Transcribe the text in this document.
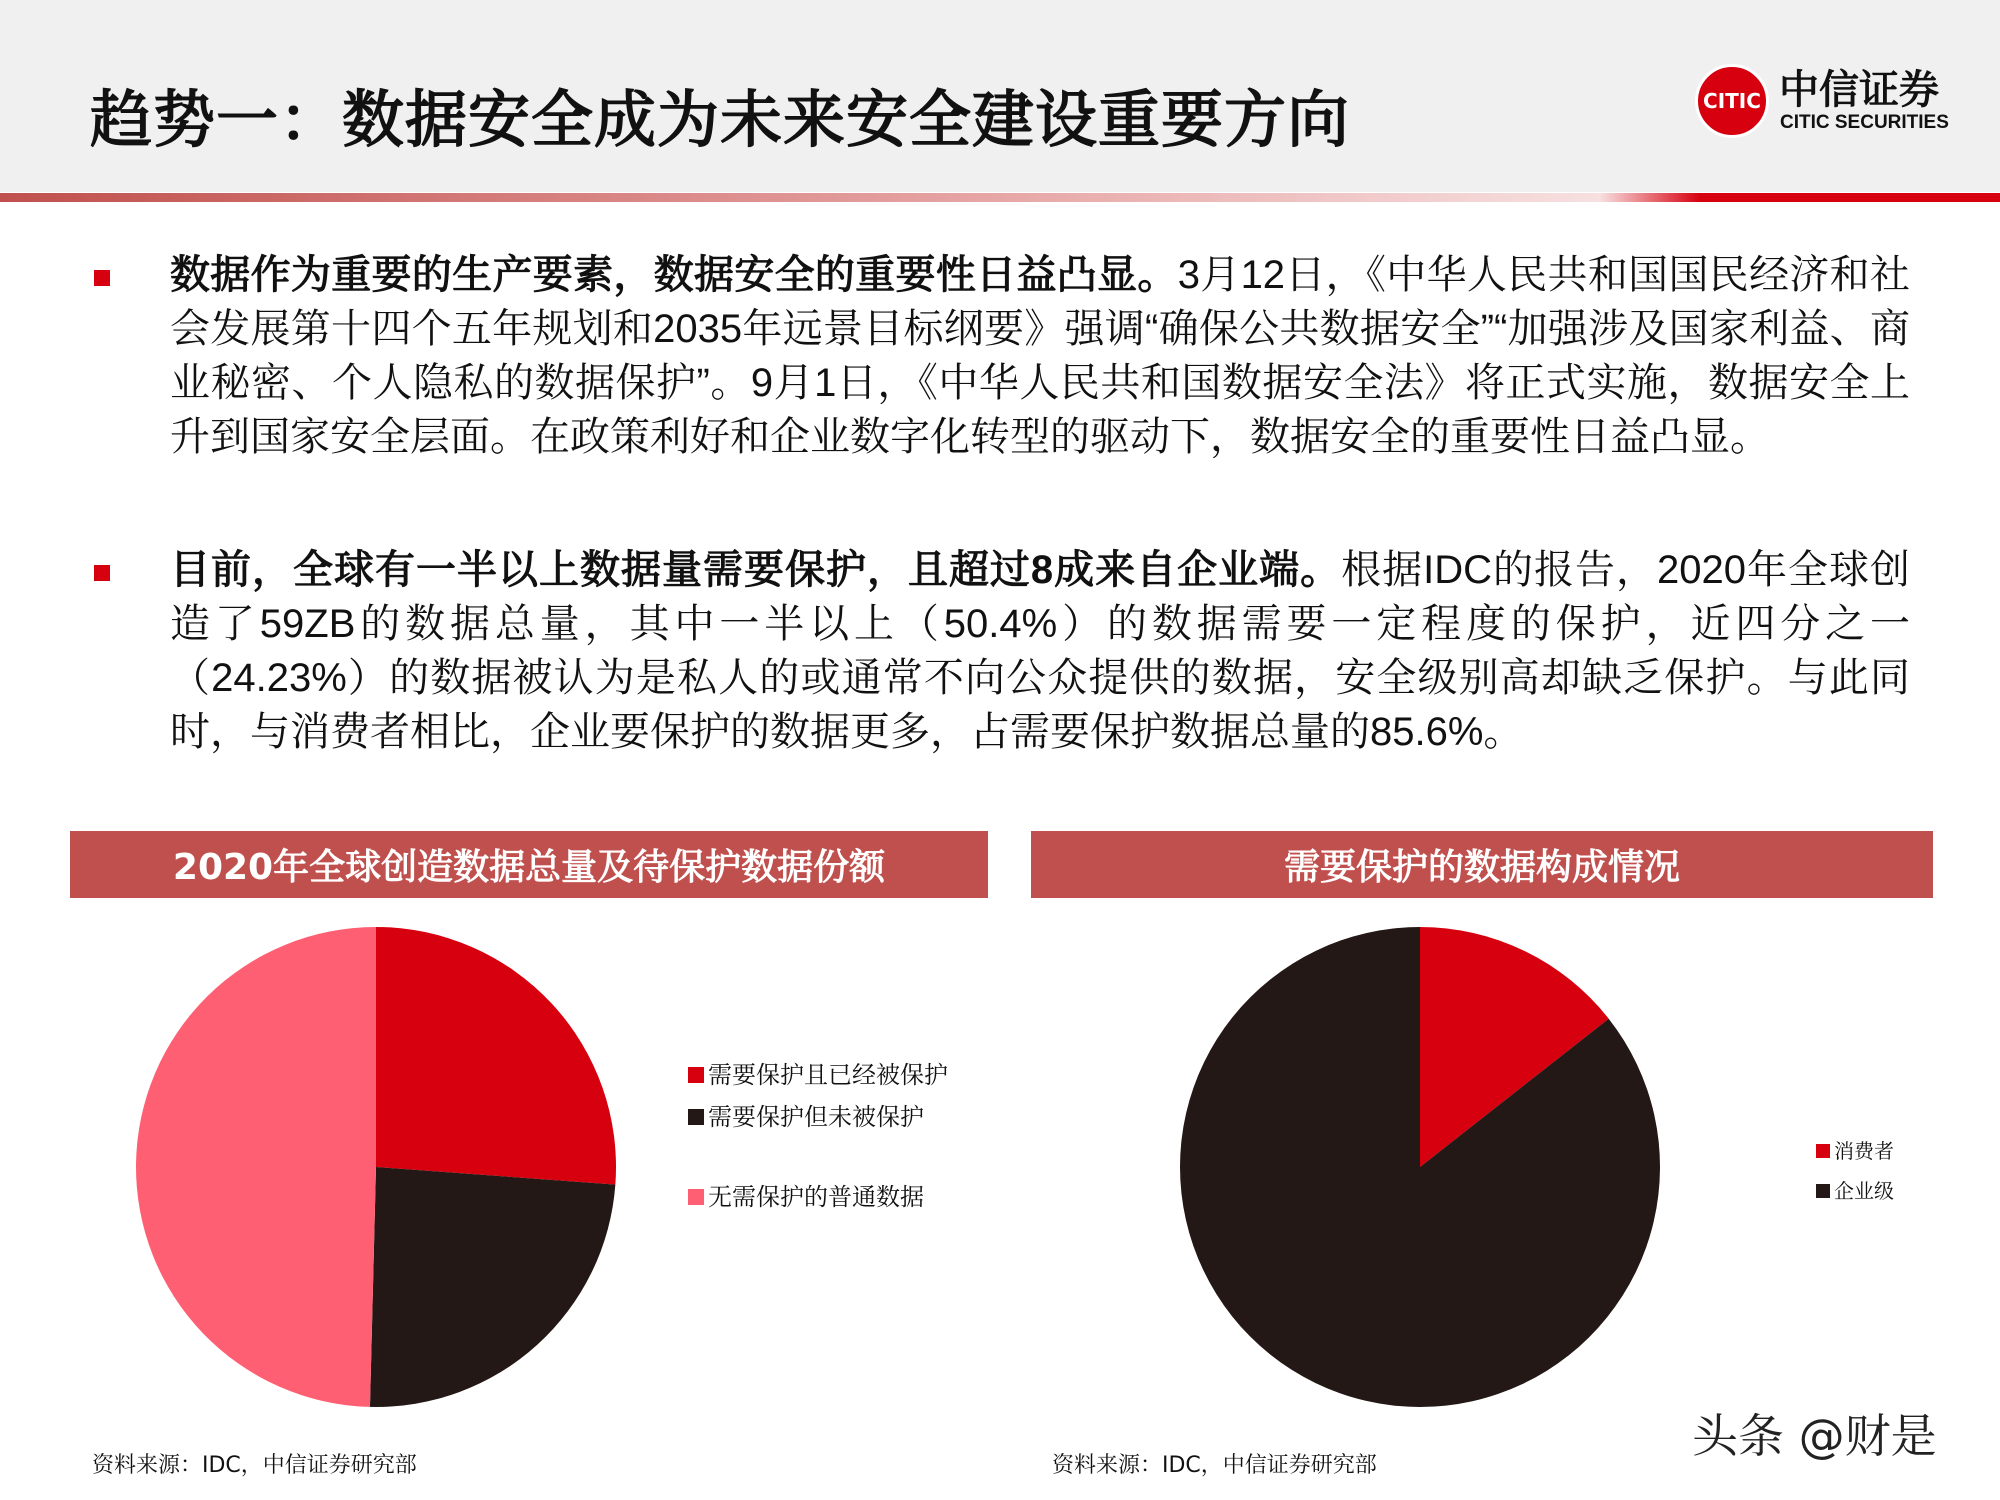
趋势一：数据安全成为未来安全建设重要方向	CITIC 中信证券
CITIC SECURITIES
数据作为重要的生产要素，数据安全的重要性日益凸显。3月12日，《中华人民共和国国民经济和社会发展第十四个五年规划和2035年远景目标纲要》强调“确保公共数据安全”“加强涉及国家利益、商业秘密、个人隐私的数据保护”。9月1日，《中华人民共和国数据安全法》将正式实施，数据安全上升到国家安全层面。在政策利好和企业数字化转型的驱动下，数据安全的重要性日益凸显。
目前，全球有一半以上数据量需要保护，且超过8成来自企业端。根据IDC的报告，2020年全球创造了59ZB的数据总量，其中一半以上（50.4%）的数据需要一定程度的保护，近四分之一（24.23%）的数据被认为是私人的或通常不向公众提供的数据，安全级别高却缺乏保护。与此同时，与消费者相比，企业要保护的数据更多，占需要保护数据总量的85.6%。
2020年全球创造数据总量及待保护数据份额	需要保护的数据构成情况
需要保护且已经被保护
需要保护但未被保护
无需保护的普通数据
消费者
企业级
资料来源：IDC，中信证券研究部	资料来源：IDC，中信证券研究部
头条 @财是
